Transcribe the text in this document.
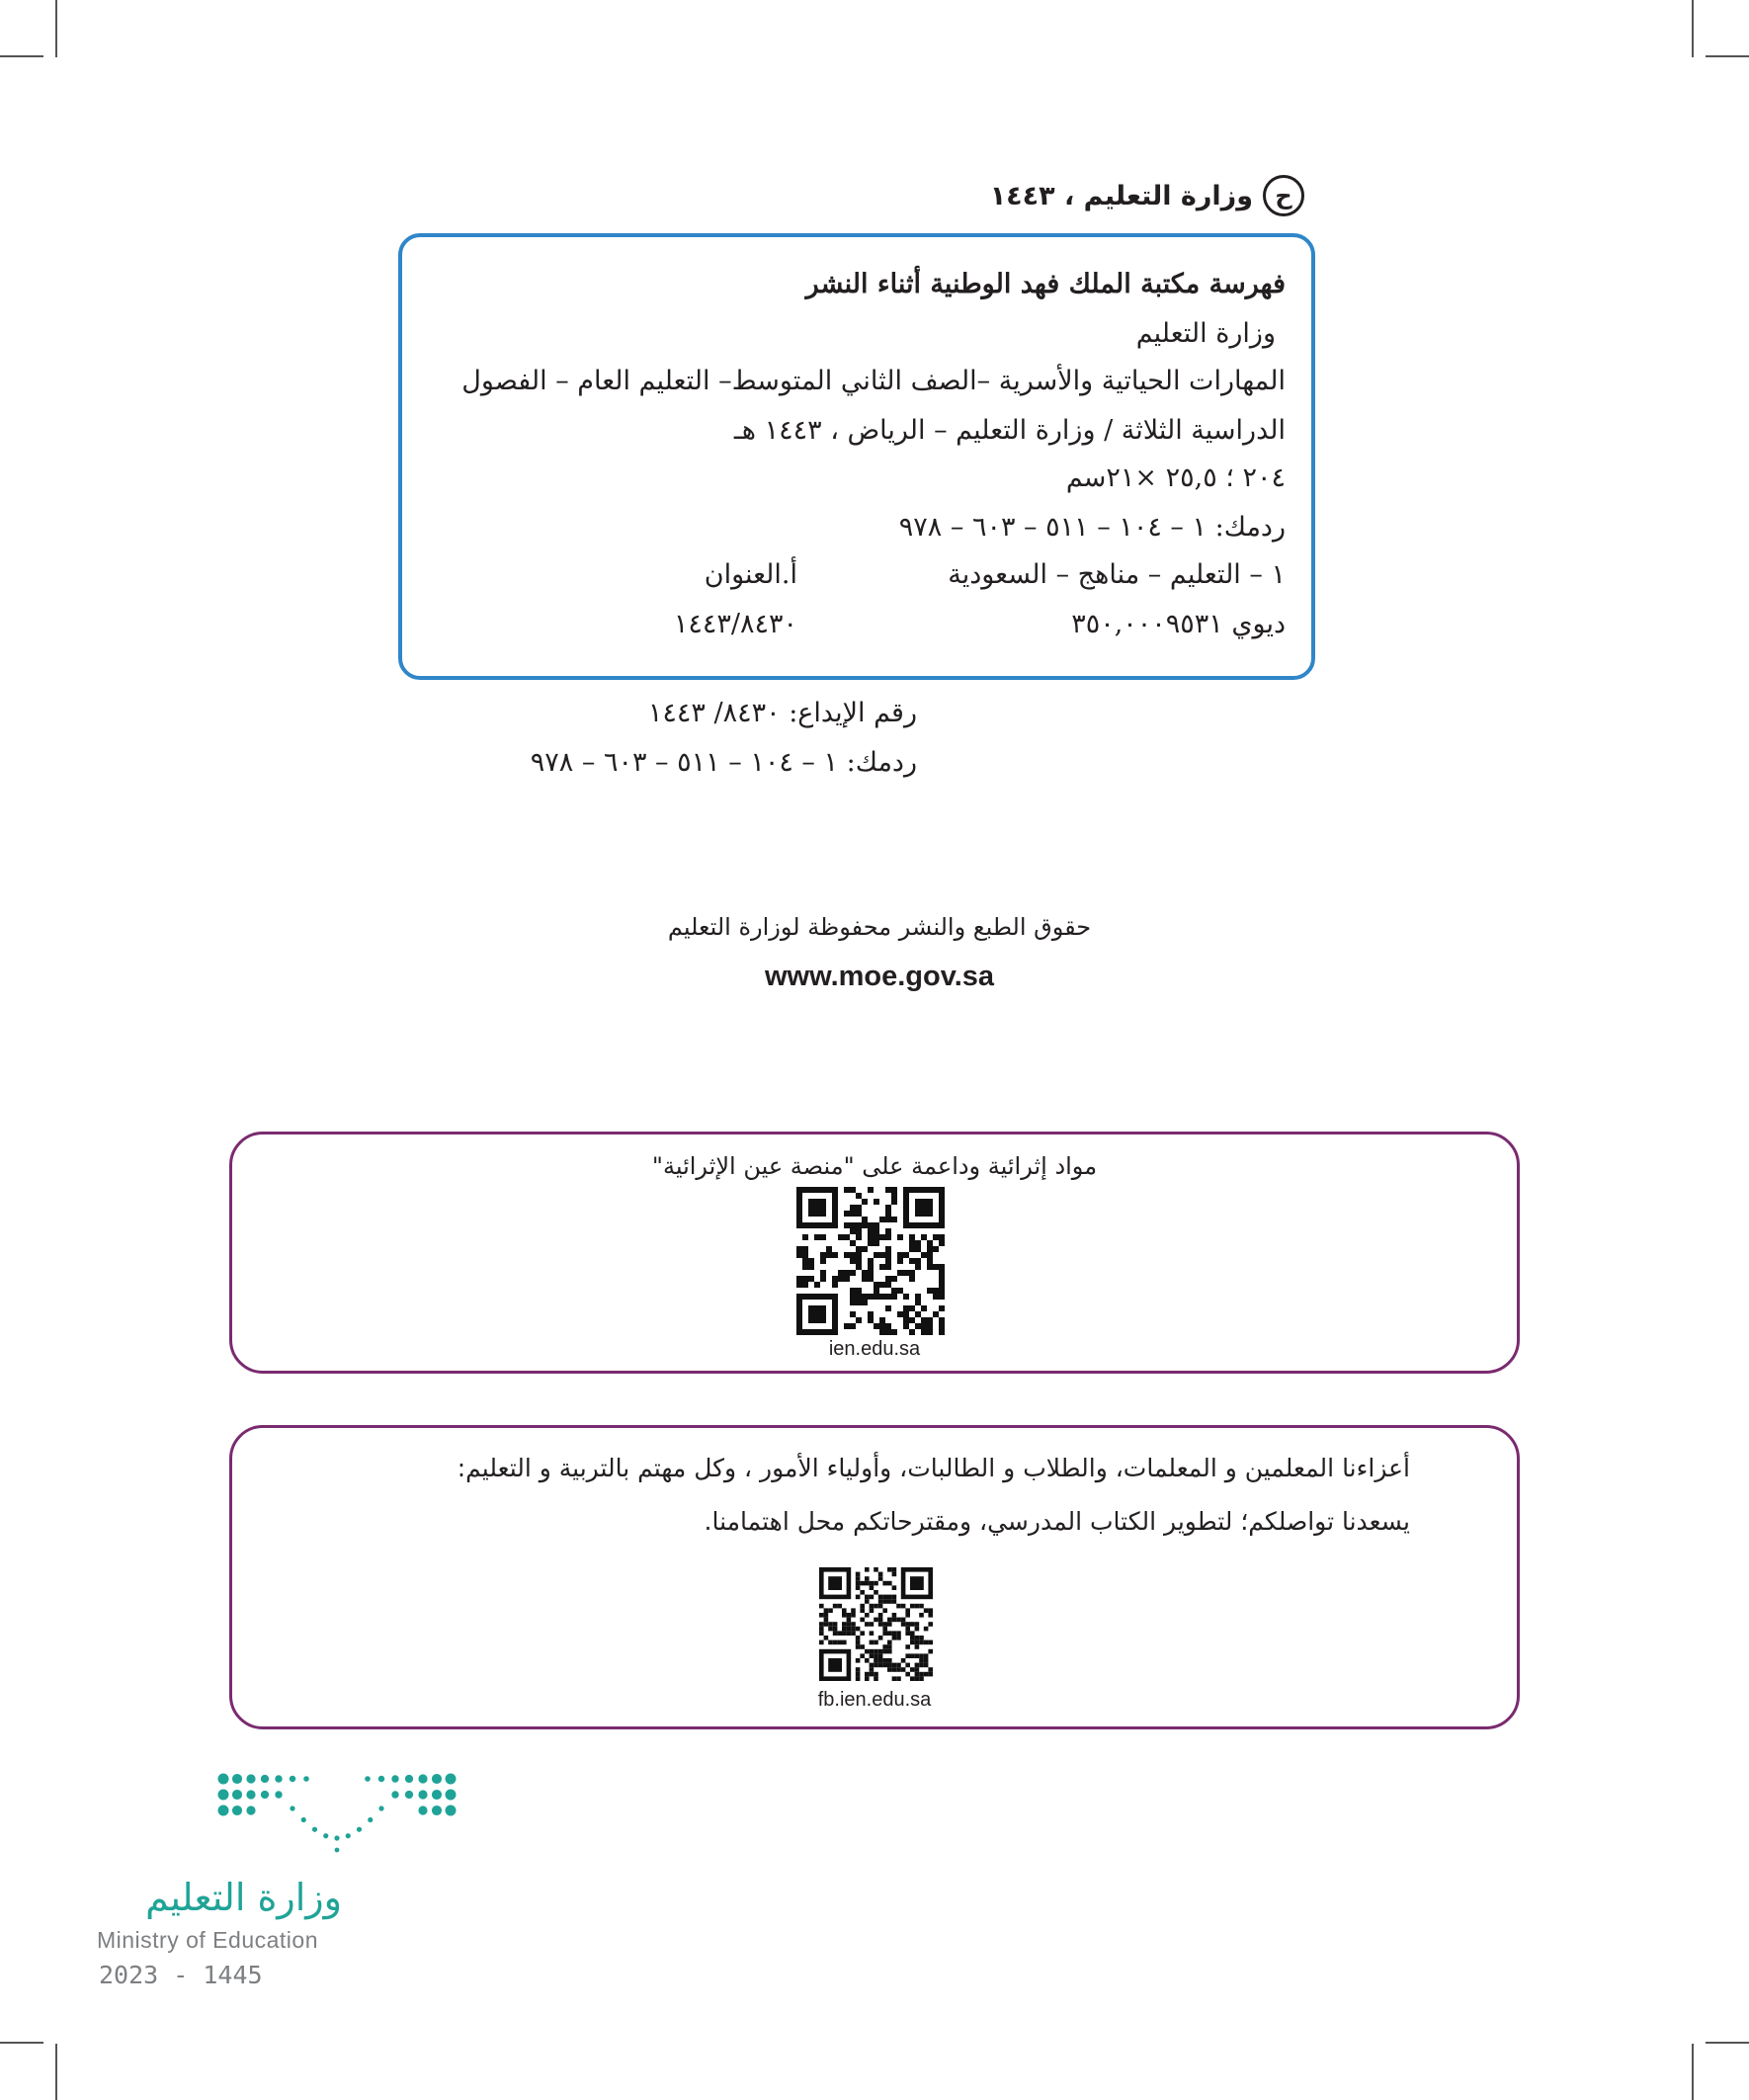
ح
وزارة التعليم ، ١٤٤٣
فهرسة مكتبة الملك فهد الوطنية أثناء النشر
وزارة التعليم
المهارات الحياتية والأسرية –الصف الثاني المتوسط– التعليم العام – الفصول
الدراسية الثلاثة / وزارة التعليم – الرياض ، ١٤٤٣ هـ
٢٠٤ ؛ ٢٥,٥ ×٢١سم
ردمك: ١ – ١٠٤ – ٥١١ – ٦٠٣ – ٩٧٨
١ – التعليم – مناهج – السعودية
أ.العنوان
ديوي ٣٥٠,٠٠٠٩٥٣١
١٤٤٣/٨٤٣٠
رقم الإيداع: ٨٤٣٠/ ١٤٤٣
ردمك: ١ – ١٠٤ – ٥١١ – ٦٠٣ – ٩٧٨
حقوق الطبع والنشر محفوظة لوزارة التعليم
www.moe.gov.sa
مواد إثرائية وداعمة على "منصة عين الإثرائية"
ien.edu.sa
أعزاءنا المعلمين و المعلمات، والطلاب و الطالبات، وأولياء الأمور ، وكل مهتم بالتربية و التعليم:
يسعدنا تواصلكم؛ لتطوير الكتاب المدرسي، ومقترحاتكم محل اهتمامنا.
fb.ien.edu.sa
وزارة التعليم
Ministry of Education
2023 - 1445
